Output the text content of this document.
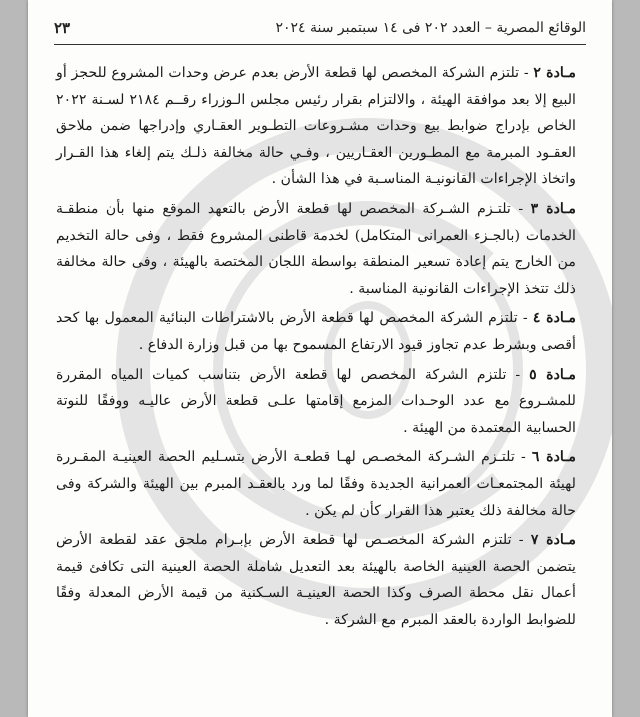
الوقائع المصرية – العدد ٢٠٢ فى ١٤ سبتمبر سنة ٢٠٢٤
٢٣

مـادة ٢ - تلتزم الشركة المخصص لها قطعة الأرض بعدم عرض وحدات المشروع للحجز أو البيع إلا بعد موافقة الهيئة ، والالتزام بقرار رئيس مجلس الـوزراء رقــم ٢١٨٤ لسـنة ٢٠٢٢ الخاص بإدراج ضوابط بيع وحدات مشـروعات التطـوير العقـاري وإدراجها ضمن ملاحق العقـود المبرمة مع المطـورين العقـاريين ، وفـي حالة مخالفة ذلـك يتم إلغاء هذا القـرار واتخاذ الإجراءات القانونيـة المناسـبة في هذا الشأن .

مـادة ٣ - تلتـزم الشـركة المخصص لها قطعة الأرض بالتعهد الموقع منها بأن منطقـة الخدمات (بالجـزء العمرانى المتكامل) لخدمة قاطنى المشروع فقط ، وفى حالة التخديم من الخارج يتم إعادة تسعير المنطقة بواسطة اللجان المختصة بالهيئة ، وفى حالة مخالفة ذلك تتخذ الإجراءات القانونية المناسبة .

مـادة ٤ - تلتزم الشركة المخصص لها قطعة الأرض بالاشتراطات البنائية المعمول بها كحد أقصى وبشرط عدم تجاوز قيود الارتفاع المسموح بها من قبل وزارة الدفاع .

مـادة ٥ - تلتزم الشركة المخصص لها قطعة الأرض بتناسب كميات المياه المقررة للمشـروع مع عدد الوحـدات المزمع إقامتها علـى قطعة الأرض عاليـه ووفقًا للنوتة الحسابية المعتمدة من الهيئة .

مـادة ٦ - تلتـزم الشـركة المخصـص لهـا قطعـة الأرض بتسـليم الحصة العينيـة المقـررة لهيئة المجتمعـات العمرانية الجديدة وفقًا لما ورد بالعقـد المبرم بين الهيئة والشركة وفى حالة مخالفة ذلك يعتبر هذا القرار كأن لم يكن .

مـادة ٧ - تلتزم الشركة المخصـص لها قطعة الأرض بإبـرام ملحق عقد لقطعة الأرض يتضمن الحصة العينية الخاصة بالهيئة بعد التعديل شاملة الحصة العينية التى تكافئ قيمة أعمال نقل محطة الصرف وكذا الحصة العينيـة السـكنية من قيمة الأرض المعدلة وفقًا للضوابط الواردة بالعقد المبرم مع الشركة .
